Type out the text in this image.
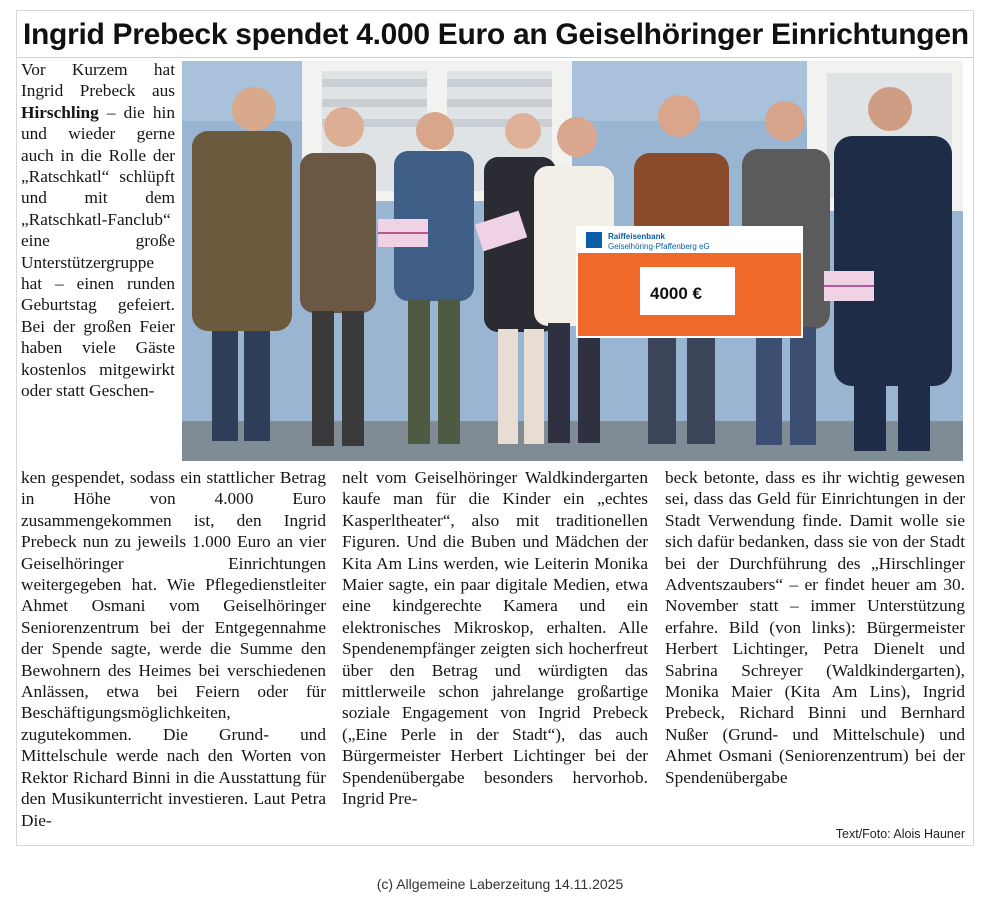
Ingrid Prebeck spendet 4.000 Euro an Geiselhöringer Einrichtungen

Vor Kurzem hat Ingrid Prebeck aus Hirschling – die hin und wieder gerne auch in die Rolle der „Ratschkatl“ schlüpft und mit dem „Ratschkatl-Fanclub“ eine große Unterstützergruppe hat – einen runden Geburtstag gefeiert. Bei der großen Feier haben viele Gäste kostenlos mitgewirkt oder statt Geschen-

Raiffeisenbank
Geiselhöring-Pfaffenberg eG
4000 €

ken gespendet, sodass ein stattlicher Betrag in Höhe von 4.000 Euro zusammengekommen ist, den Ingrid Prebeck nun zu jeweils 1.000 Euro an vier Geiselhöringer Einrichtungen weitergegeben hat. Wie Pflegedienstleiter Ahmet Osmani vom Geiselhöringer Seniorenzentrum bei der Entgegennahme der Spende sagte, werde die Summe den Bewohnern des Heimes bei verschiedenen Anlässen, etwa bei Feiern oder für Beschäftigungsmöglichkeiten, zugutekommen. Die Grund- und Mittelschule werde nach den Worten von Rektor Richard Binni in die Ausstattung für den Musikunterricht investieren. Laut Petra Die-

nelt vom Geiselhöringer Waldkindergarten kaufe man für die Kinder ein „echtes Kasperltheater“, also mit traditionellen Figuren. Und die Buben und Mädchen der Kita Am Lins werden, wie Leiterin Monika Maier sagte, ein paar digitale Medien, etwa eine kindgerechte Kamera und ein elektronisches Mikroskop, erhalten. Alle Spendenempfänger zeigten sich hocherfreut über den Betrag und würdigten das mittlerweile schon jahrelange großartige soziale Engagement von Ingrid Prebeck („Eine Perle in der Stadt“), das auch Bürgermeister Herbert Lichtinger bei der Spendenübergabe besonders hervorhob. Ingrid Pre-

beck betonte, dass es ihr wichtig gewesen sei, dass das Geld für Einrichtungen in der Stadt Verwendung finde. Damit wolle sie sich dafür bedanken, dass sie von der Stadt bei der Durchführung des „Hirschlinger Adventszaubers“ – er findet heuer am 30. November statt – immer Unterstützung erfahre. Bild (von links): Bürgermeister Herbert Lichtinger, Petra Dienelt und Sabrina Schreyer (Waldkindergarten), Monika Maier (Kita Am Lins), Ingrid Prebeck, Richard Binni und Bernhard Nußer (Grund- und Mittelschule) und Ahmet Osmani (Seniorenzentrum) bei der Spendenübergabe

Text/Foto: Alois Hauner
(c) Allgemeine Laberzeitung 14.11.2025
